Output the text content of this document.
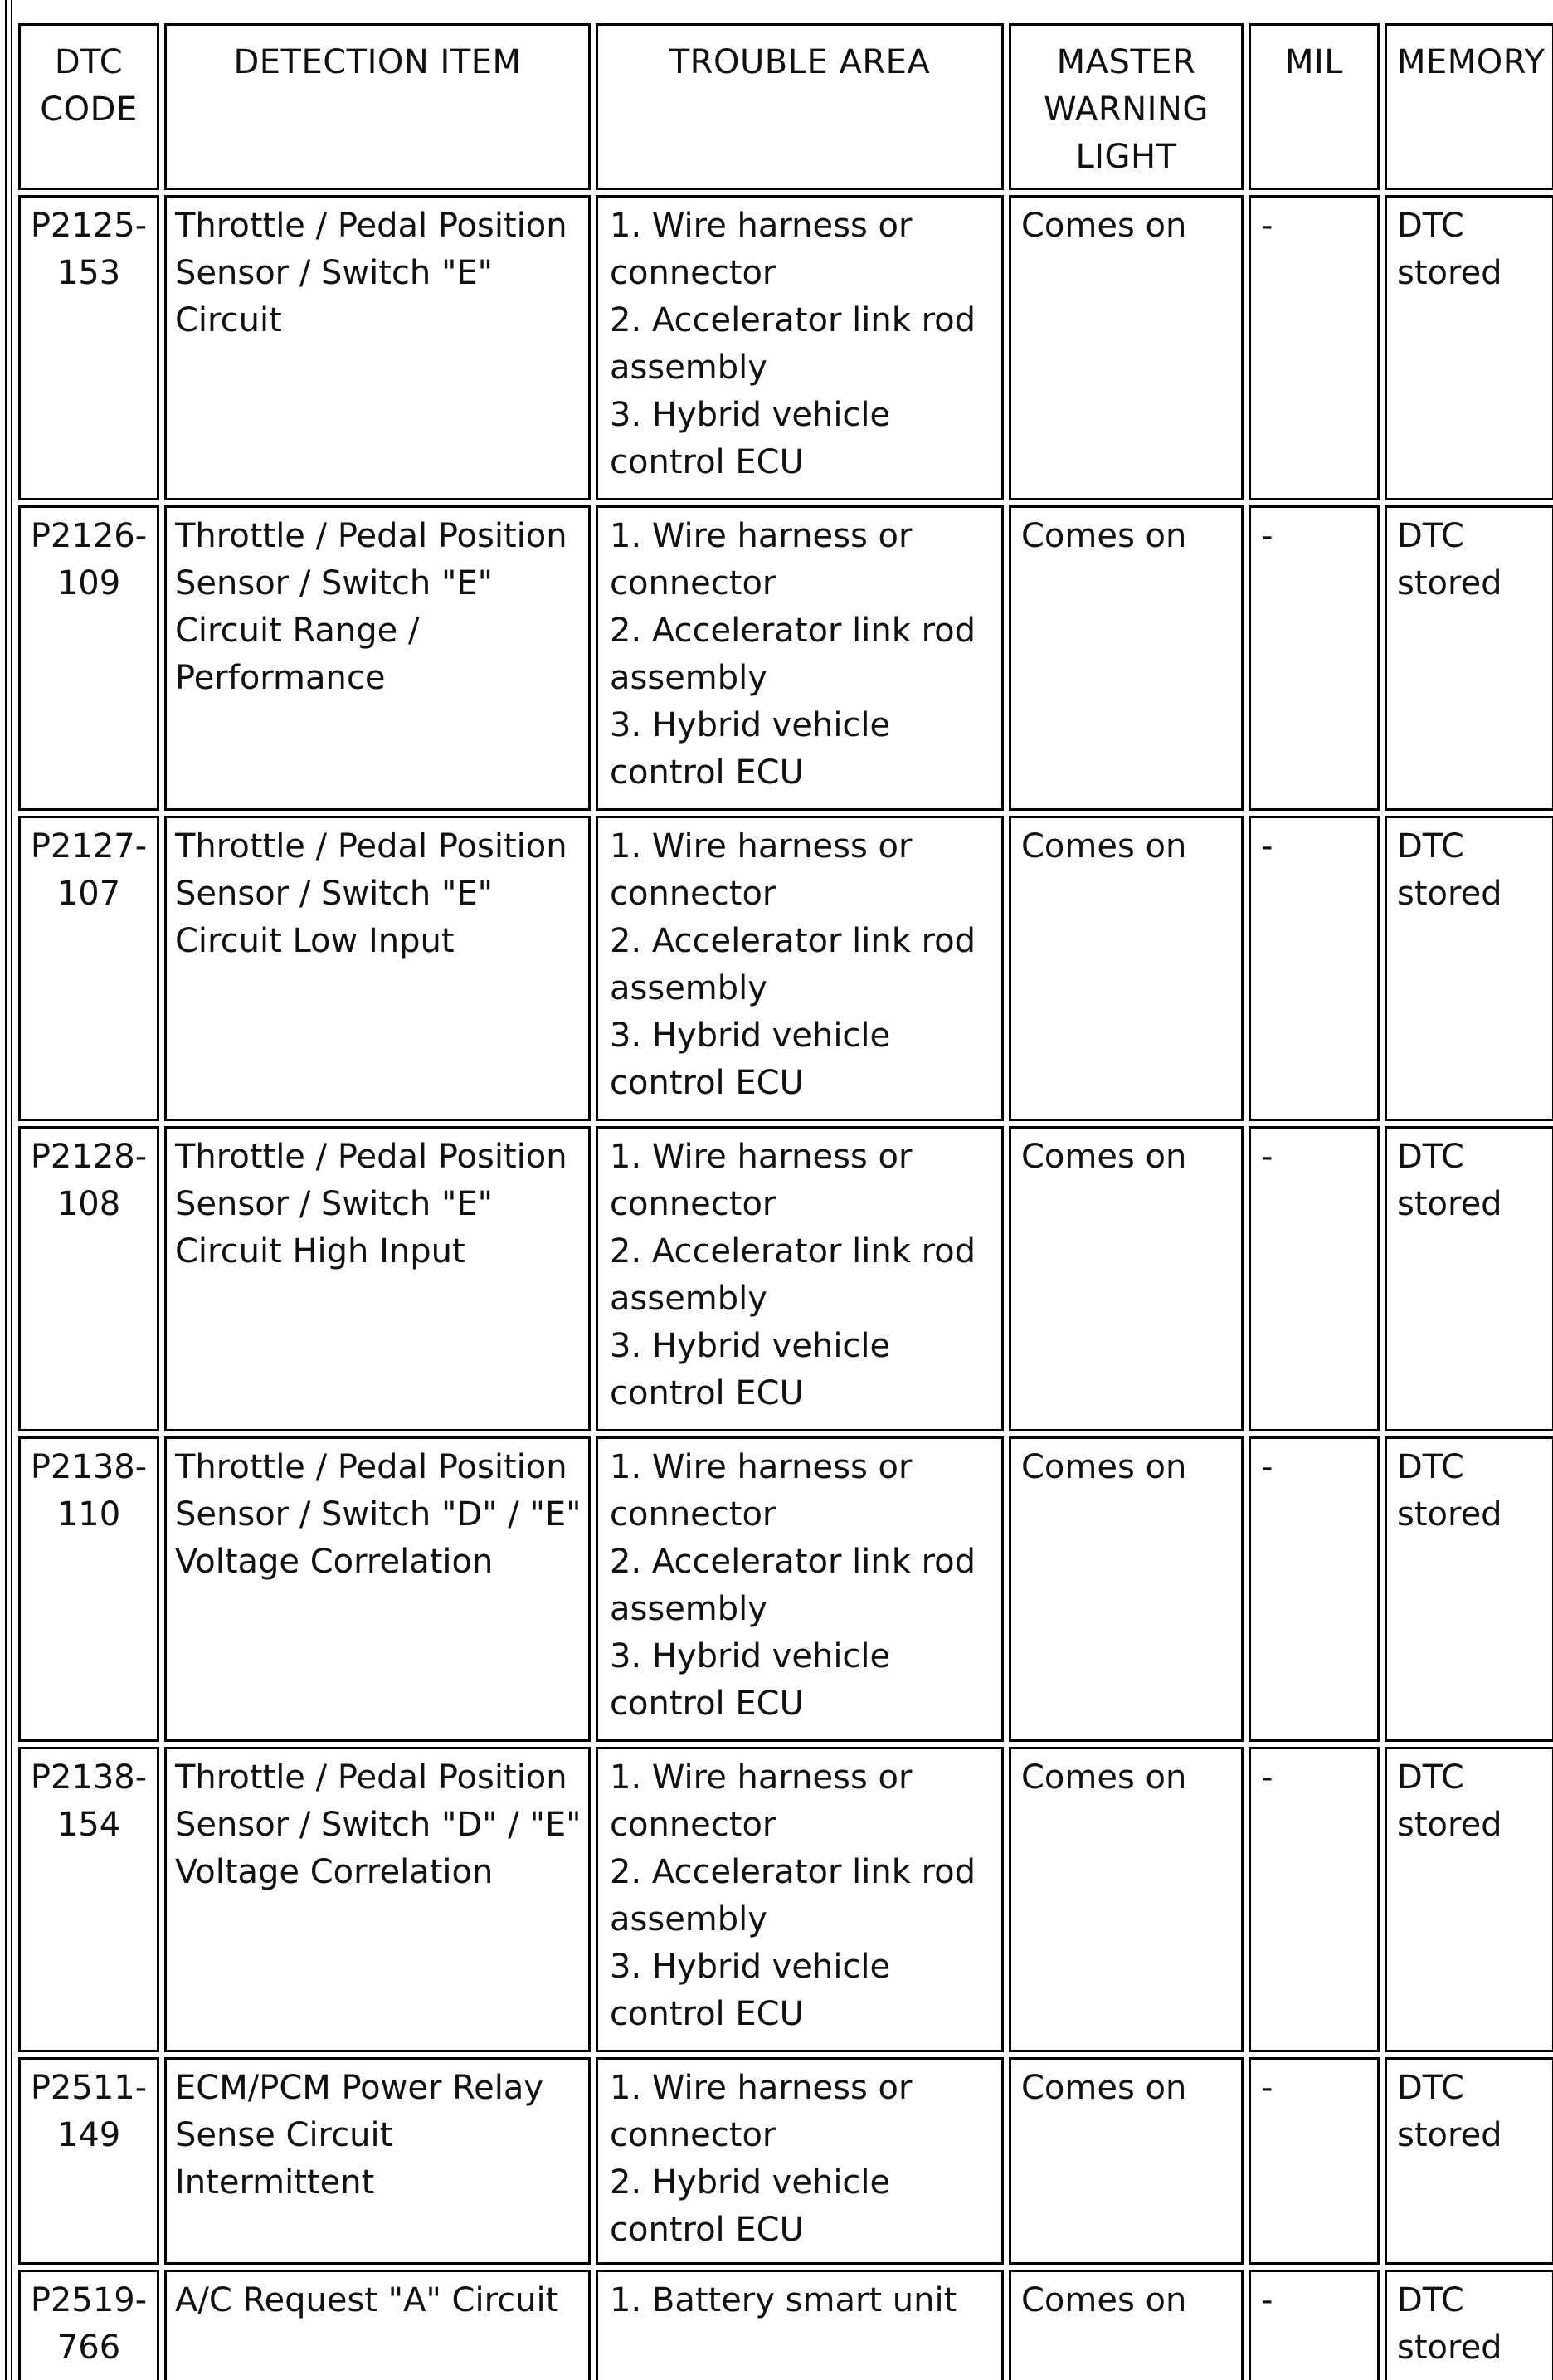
DTC CODE	DETECTION ITEM	TROUBLE AREA	MASTER WARNING LIGHT	MIL	MEMORY	

P2125-
153	Throttle / Pedal Position Sensor / Switch "E" Circuit	1. Wire harness or connector
2. Accelerator link rod assembly
3. Hybrid vehicle control ECU	Comes on	-	DTC stored	

P2126-
109	Throttle / Pedal Position Sensor / Switch "E" Circuit Range / Performance	1. Wire harness or connector
2. Accelerator link rod assembly
3. Hybrid vehicle control ECU	Comes on	-	DTC stored	

P2127-
107	Throttle / Pedal Position Sensor / Switch "E" Circuit Low Input	1. Wire harness or connector
2. Accelerator link rod assembly
3. Hybrid vehicle control ECU	Comes on	-	DTC stored	

P2128-
108	Throttle / Pedal Position Sensor / Switch "E" Circuit High Input	1. Wire harness or connector
2. Accelerator link rod assembly
3. Hybrid vehicle control ECU	Comes on	-	DTC stored	

P2138-
110	Throttle / Pedal Position Sensor / Switch "D" / "E" Voltage Correlation	1. Wire harness or connector
2. Accelerator link rod assembly
3. Hybrid vehicle control ECU	Comes on	-	DTC stored	

P2138-
154	Throttle / Pedal Position Sensor / Switch "D" / "E" Voltage Correlation	1. Wire harness or connector
2. Accelerator link rod assembly
3. Hybrid vehicle control ECU	Comes on	-	DTC stored	

P2511-
149	ECM/PCM Power Relay Sense Circuit Intermittent	1. Wire harness or connector
2. Hybrid vehicle control ECU	Comes on	-	DTC stored	

P2519-
766	A/C Request "A" Circuit	1. Battery smart unit	Comes on	-	DTC stored	
